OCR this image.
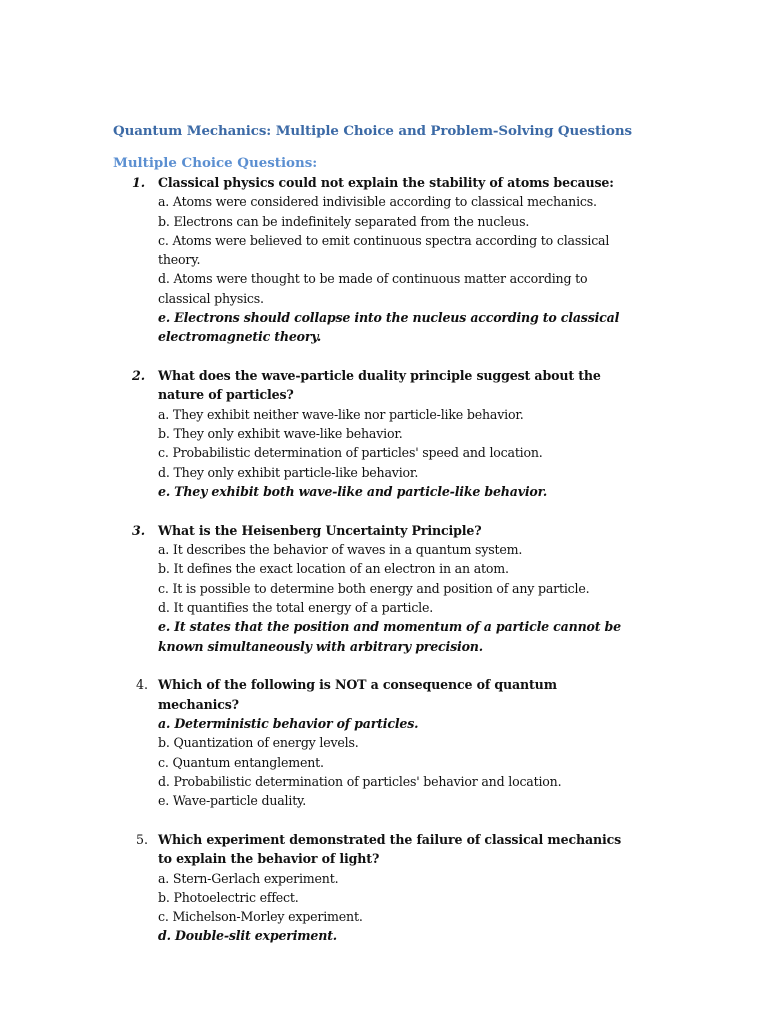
Quantum Mechanics: Multiple Choice and Problem-Solving Questions
Multiple Choice Questions:
1. Classical physics could not explain the stability of atoms because:
a. Atoms were considered indivisible according to classical mechanics.
b. Electrons can be indefinitely separated from the nucleus.
c. Atoms were believed to emit continuous spectra according to classical theory.
d. Atoms were thought to be made of continuous matter according to classical physics.
e. Electrons should collapse into the nucleus according to classical electromagnetic theory.
2. What does the wave-particle duality principle suggest about the nature of particles?
a. They exhibit neither wave-like nor particle-like behavior.
b. They only exhibit wave-like behavior.
c. Probabilistic determination of particles' speed and location.
d. They only exhibit particle-like behavior.
e. They exhibit both wave-like and particle-like behavior.
3. What is the Heisenberg Uncertainty Principle?
a. It describes the behavior of waves in a quantum system.
b. It defines the exact location of an electron in an atom.
c. It is possible to determine both energy and position of any particle.
d. It quantifies the total energy of a particle.
e. It states that the position and momentum of a particle cannot be known simultaneously with arbitrary precision.
4. Which of the following is NOT a consequence of quantum mechanics?
a. Deterministic behavior of particles.
b. Quantization of energy levels.
c. Quantum entanglement.
d. Probabilistic determination of particles' behavior and location.
e. Wave-particle duality.
5. Which experiment demonstrated the failure of classical mechanics to explain the behavior of light?
a. Stern-Gerlach experiment.
b. Photoelectric effect.
c. Michelson-Morley experiment.
d. Double-slit experiment.
